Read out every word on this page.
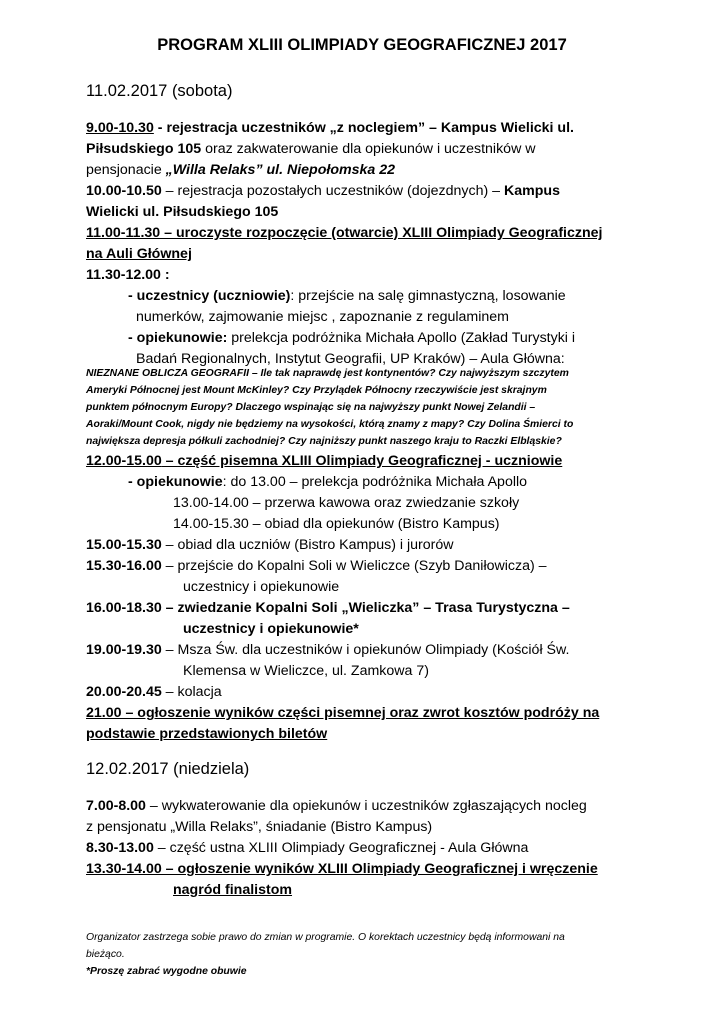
PROGRAM XLIII OLIMPIADY GEOGRAFICZNEJ 2017
11.02.2017 (sobota)
9.00-10.30 - rejestracja uczestników „z noclegiem” – Kampus Wielicki ul.
Piłsudskiego 105 oraz zakwaterowanie dla opiekunów i uczestników w
pensjonacie „Willa Relaks” ul. Niepołomska 22
10.00-10.50 – rejestracja pozostałych uczestników (dojezdnych) – Kampus
Wielicki ul. Piłsudskiego 105
11.00-11.30 – uroczyste rozpoczęcie (otwarcie) XLIII Olimpiady Geograficznej
na Auli Głównej
11.30-12.00 :
- uczestnicy (uczniowie): przejście na salę gimnastyczną, losowanie
numerków, zajmowanie miejsc , zapoznanie z regulaminem
- opiekunowie: prelekcja podróżnika Michała Apollo (Zakład Turystyki i
Badań Regionalnych, Instytut Geografii, UP Kraków) – Aula Główna:
NIEZNANE OBLICZA GEOGRAFII – Ile tak naprawdę jest kontynentów? Czy najwyższym szczytem
Ameryki Północnej jest Mount McKinley? Czy Przylądek Północny rzeczywiście jest skrajnym
punktem północnym Europy? Dlaczego wspinając się na najwyższy punkt Nowej Zelandii –
Aoraki/Mount Cook, nigdy nie będziemy na wysokości, którą znamy z mapy? Czy Dolina Śmierci to
największa depresja półkuli zachodniej? Czy najniższy punkt naszego kraju to Raczki Elbląskie?
12.00-15.00 – część pisemna XLIII Olimpiady Geograficznej - uczniowie
- opiekunowie: do 13.00 – prelekcja podróżnika Michała Apollo
13.00-14.00 – przerwa kawowa oraz zwiedzanie szkoły
14.00-15.30 – obiad dla opiekunów (Bistro Kampus)
15.00-15.30 – obiad dla uczniów (Bistro Kampus) i jurorów
15.30-16.00 – przejście do Kopalni Soli w Wieliczce (Szyb Daniłowicza) –
uczestnicy i opiekunowie
16.00-18.30 – zwiedzanie Kopalni Soli „Wieliczka” – Trasa Turystyczna –
uczestnicy i opiekunowie*
19.00-19.30 – Msza Św. dla uczestników i opiekunów Olimpiady (Kościół Św.
Klemensa w Wieliczce, ul. Zamkowa 7)
20.00-20.45 – kolacja
21.00 – ogłoszenie wyników części pisemnej oraz zwrot kosztów podróży na
podstawie przedstawionych biletów
12.02.2017 (niedziela)
7.00-8.00 – wykwaterowanie dla opiekunów i uczestników zgłaszających nocleg
z pensjonatu „Willa Relaks”, śniadanie (Bistro Kampus)
8.30-13.00 – część ustna XLIII Olimpiady Geograficznej - Aula Główna
13.30-14.00 – ogłoszenie wyników XLIII Olimpiady Geograficznej i wręczenie
nagród finalistom
Organizator zastrzega sobie prawo do zmian w programie. O korektach uczestnicy będą informowani na
bieżąco.
*Proszę zabrać wygodne obuwie
